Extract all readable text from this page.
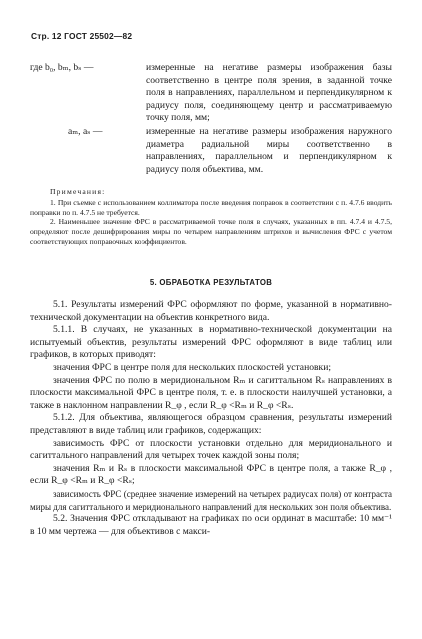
Стр. 12 ГОСТ 25502—82
где b₀, bₘ, bₛ —	измеренные на негативе размеры изображения базы соответственно в центре поля зрения, в заданной точке поля в направлениях, параллельном и перпендикулярном к радиусу поля, соединяющему центр и рассматриваемую точку поля, мм;
aₘ, aₛ —	измеренные на негативе размеры изображения наружного диаметра радиальной миры соответственно в направлениях, параллельном и перпендикулярном к радиусу поля объектива, мм.
Примечания:
1. При съемке с использованием коллиматора после введения поправок в соответствии с п. 4.7.6 вводить поправки по п. 4.7.5 не требуется.
2. Наименьшее значение ФРС в рассматриваемой точке поля в случаях, указанных в пп. 4.7.4 и 4.7.5, определяют после дешифрирования миры по четырем направлениям штрихов и вычисления ФРС с учетом соответствующих поправочных коэффициентов.
5. ОБРАБОТКА РЕЗУЛЬТАТОВ

5.1. Результаты измерений ФРС оформляют по форме, указанной в нормативно-технической документации на объектив конкретного вида.

5.1.1. В случаях, не указанных в нормативно-технической документации на испытуемый объектив, результаты измерений ФРС оформляют в виде таблиц или графиков, в которых приводят:

значения ФРС в центре поля для нескольких плоскостей установки;

значения ФРС по полю в меридиональном Rₘ и сагиттальном Rₛ направлениях в плоскости максимальной ФРС в центре поля, т. е. в плоскости наилучшей установки, а также в наклонном направлении R_φ , если R_φ <Rₘ и R_φ <Rₛ.

5.1.2. Для объектива, являющегося образцом сравнения, результаты измерений представляют в виде таблиц или графиков, содержащих:

зависимость ФРС от плоскости установки отдельно для меридионального и сагиттального направлений для четырех точек каждой зоны поля;

значения Rₘ и Rₛ в плоскости максимальной ФРС в центре поля, а также R_φ , если R_φ <Rₘ и R_φ <Rₛ;

зависимость ФРС (среднее значение измерений на четырех радиусах поля) от контраста миры для сагиттального и меридионального направлений для нескольких зон поля объектива.

5.2. Значения ФРС откладывают на графиках по оси ординат в масштабе: 10 мм⁻¹ в 10 мм чертежа — для объективов с макси-
